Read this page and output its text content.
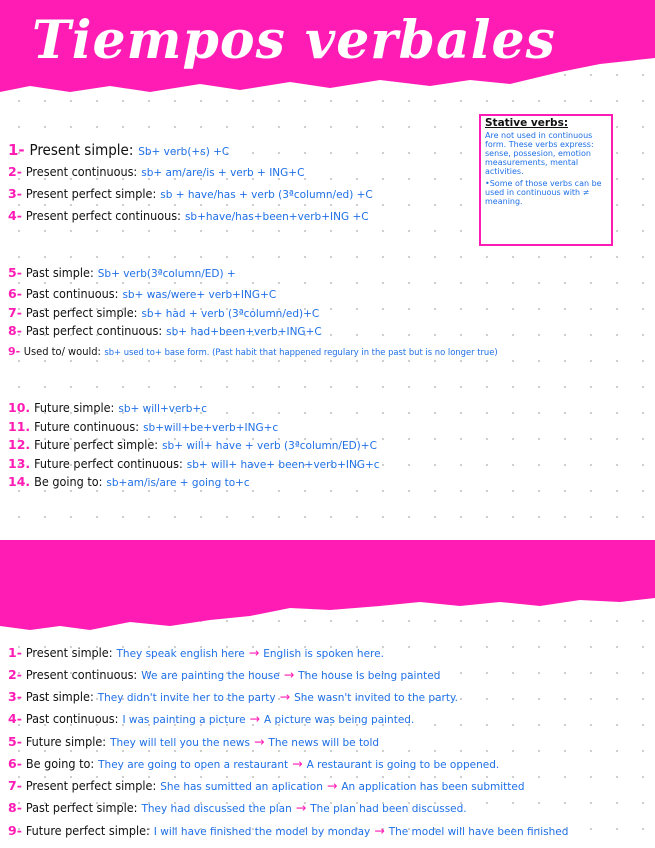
Tiempos verbales
Stative verbs:

Are not used in continuous form. These verbs express: sense, possesion, emotion measurements, mental activities.

•Some of those verbs can be used in continuous with ≠ meaning.

1- Present simple: Sb+ verb(+s) +C
2- Present continuous: sb+ am/are/is + verb + ING+C
3- Present perfect simple: sb + have/has + verb (3ªcolumn/ed) +C
4- Present perfect continuous: sb+have/has+been+verb+ING +C
5- Past simple: Sb+ verb(3ªcolumn/ED) +
6- Past continuous: sb+ was/were+ verb+ING+C
7- Past perfect simple: sb+ had + verb (3ªcolumn/ed)+C
8- Past perfect continuous: sb+ had+been+verb+ING+C
9- Used to/ would: sb+ used to+ base form. (Past habit that happened regulary in the past but is no longer true)
10. Future simple: sb+ will+verb+c
11. Future continuous: sb+will+be+verb+ING+c
12. Future perfect simple: sb+ will+ have + verb (3ªcolumn/ED)+C
13. Future perfect continuous: sb+ will+ have+ been+verb+ING+c
14. Be going to: sb+am/is/are + going to+c
Pasive
1- Present simple: They speak english here → English is spoken here.
2- Present continuous: We are painting the house → The house is being painted
3- Past simple: They didn't invite her to the party → She wasn't invited to the party.
4- Past continuous: I was painting a picture → A picture was being painted.
5- Future simple: They will tell you the news → The news will be told
6- Be going to: They are going to open a restaurant → A restaurant is going to be oppened.
7- Present perfect simple: She has sumitted an aplication → An application has been submitted
8- Past perfect simple: They had discussed the plan → The plan had been discussed.
9- Future perfect simple: I will have finished the model by monday → The model will have been finished
